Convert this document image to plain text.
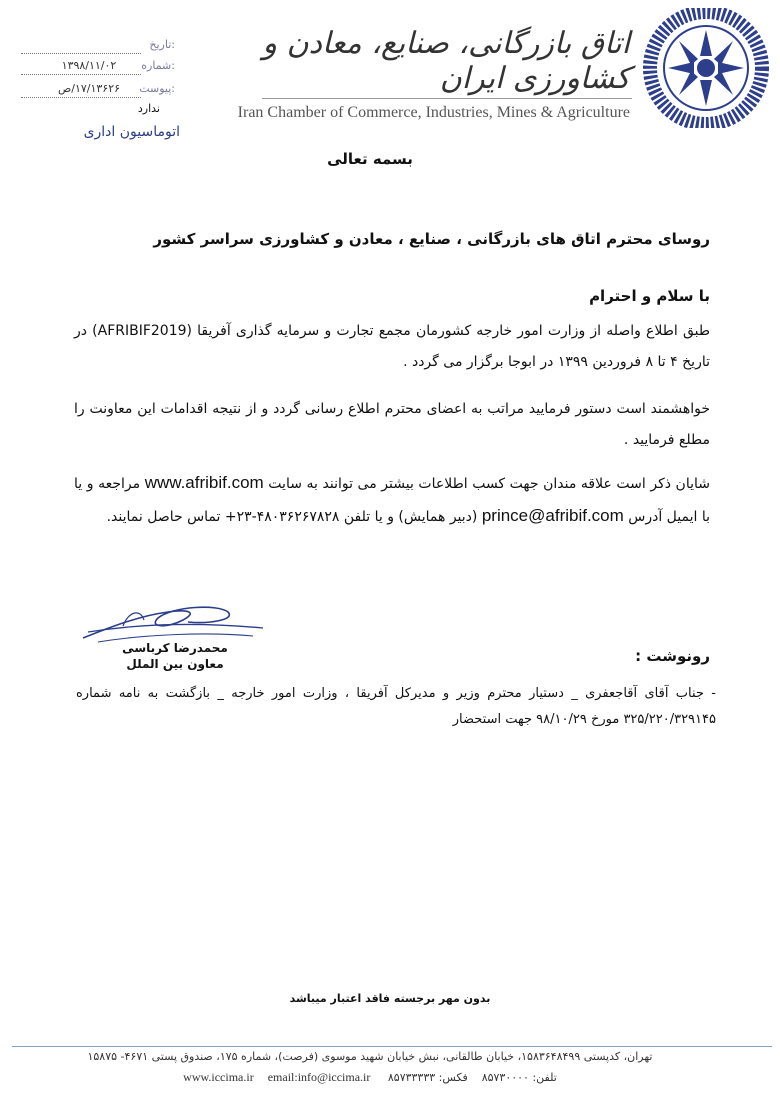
اتاق بازرگانی، صنایع، معادن و کشاورزی ایران
Iran Chamber of Commerce, Industries, Mines & Agriculture
تاریخ:
شماره:
۱۳۹۸/۱۱/۰۲
پیوست:
۱۷/۱۳۶۲۶/ص
ندارد
اتوماسیون اداری
بسمه تعالی
روسای محترم اتاق های بازرگانی ، صنایع ، معادن و کشاورزی سراسر کشور
با سلام و احترام
طبق اطلاع واصله از وزارت امور خارجه کشورمان مجمع تجارت و سرمایه گذاری آفریقا (AFRIBIF2019) در تاریخ ۴ تا ۸ فروردین ۱۳۹۹ در ابوجا برگزار می گردد .
خواهشمند است دستور فرمایید مراتب به اعضای محترم اطلاع رسانی گردد و از نتیجه اقدامات این معاونت را مطلع فرمایید .
شایان ذکر است علاقه مندان جهت کسب اطلاعات بیشتر می توانند به سایت www.afribif.com مراجعه و یا با ایمیل آدرس prince@afribif.com (دبیر همایش) و یا تلفن ۴۸۰۳۶۲۶۷۸۲۸-۲۳+ تماس حاصل نمایند.
محمدرضا کرباسی
معاون بین الملل	رونوشت :
- جناب آقای آقاجعفری _ دستیار محترم وزیر و مدیرکل آفریقا ، وزارت امور خارجه _ بازگشت به نامه شماره ۳۲۵/۲۲۰/۳۲۹۱۴۵ مورخ ۹۸/۱۰/۲۹ جهت استحضار
بدون مهر برجسته فاقد اعتبار میباشد
تهران، کدپستی ۱۵۸۳۶۴۸۴۹۹، خیابان طالقانی، نبش خیابان شهید موسوی (فرصت)، شماره ۱۷۵، صندوق پستی ۴۶۷۱- ۱۵۸۷۵
www.iccima.ir email:info@iccima.ir فکس: ۸۵۷۳۳۳۳۳ تلفن: ۸۵۷۳۰۰۰۰
